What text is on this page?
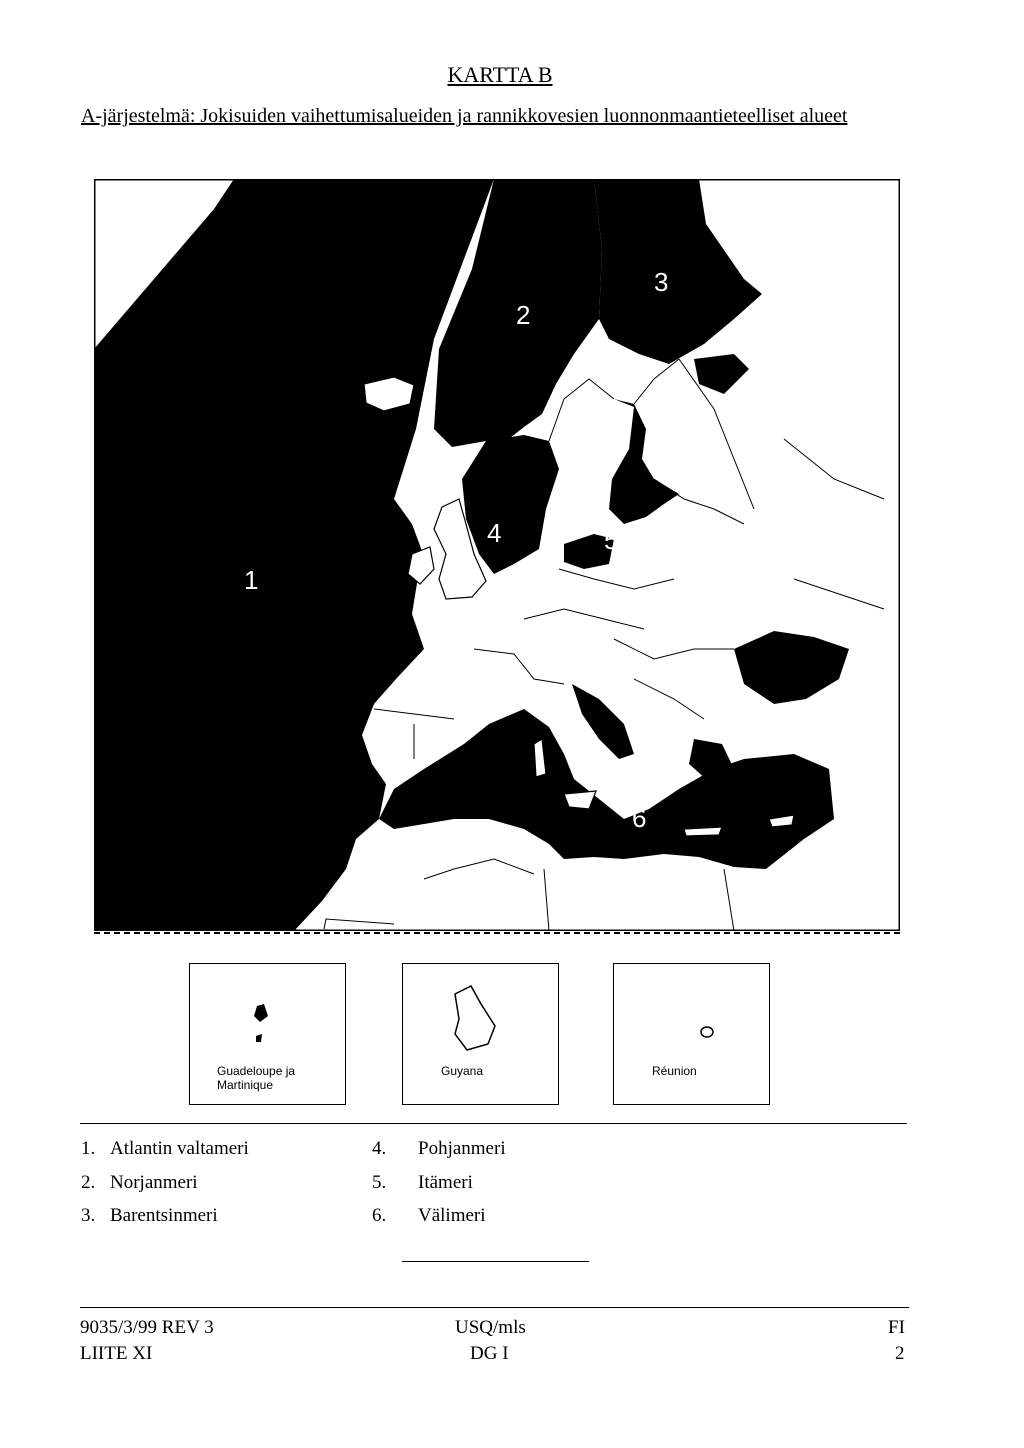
KARTTA B
A-järjestelmä: Jokisuiden vaihettumisalueiden ja rannikkovesien luonnonmaantieteelliset alueet
1
2
3
4	5
6
Guadeloupe ja Martinique
Guyana	Réunion
1. Atlantin valtameri
2. Norjanmeri
3. Barentsinmeri
4. Pohjanmeri
5. Itämeri
6. Välimeri
9035/3/99 REV 3
LIITE XI
USQ/mls
DG I
FI
2
